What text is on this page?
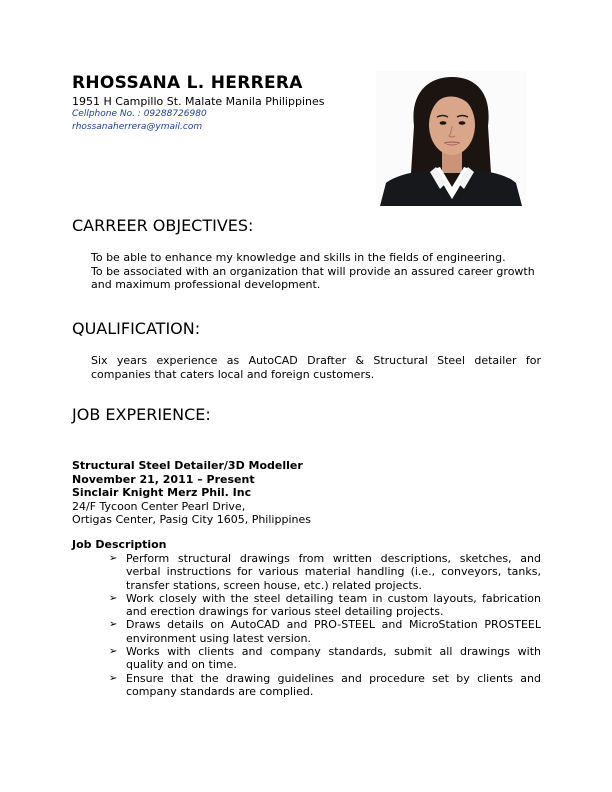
RHOSSANA L. HERRERA
1951 H Campillo St. Malate Manila Philippines
Cellphone No. : 09288726980
rhossanaherrera@ymail.com
CARREER OBJECTIVES:
To be able to enhance my knowledge and skills in the fields of engineering.
To be associated with an organization that will provide an assured career growth
and maximum professional development.
QUALIFICATION:
Six years experience as AutoCAD Drafter & Structural Steel detailer for companies that caters local and foreign customers.
JOB EXPERIENCE:
Structural Steel Detailer/3D Modeller
November 21, 2011 – Present
Sinclair Knight Merz Phil. Inc
24/F Tycoon Center Pearl Drive,
Ortigas Center, Pasig City 1605, Philippines
Job Description
➢ Perform structural drawings from written descriptions, sketches, and verbal instructions for various material handling (i.e., conveyors, tanks, transfer stations, screen house, etc.) related projects.
➢ Work closely with the steel detailing team in custom layouts, fabrication and erection drawings for various steel detailing projects.
➢ Draws details on AutoCAD and PRO-STEEL and MicroStation PROSTEEL environment using latest version.
➢ Works with clients and company standards, submit all drawings with quality and on time.
➢ Ensure that the drawing guidelines and procedure set by clients and company standards are complied.
